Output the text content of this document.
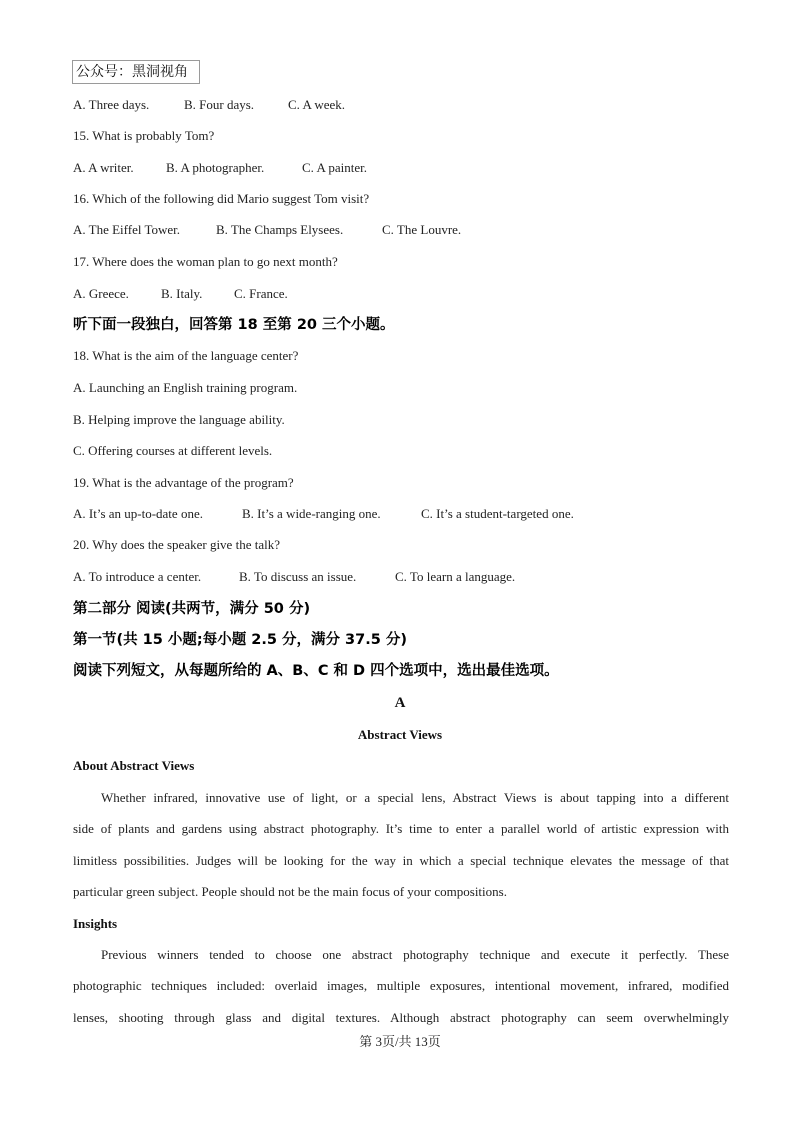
公众号：黑洞视角
A. Three days.	B. Four days.	C. A week.
15. What is probably Tom?
A. A writer. B. A photographer.	C. A painter.
16. Which of the following did Mario suggest Tom visit?
A. The Eiffel Tower.	B. The Champs Elysees.	C. The Louvre.
17. Where does the woman plan to go next month?
A. Greece. B. Italy. C. France.
听下面一段独白，回答第 18 至第 20 三个小题。
18. What is the aim of the language center?
A. Launching an English training program.
B. Helping improve the language ability.
C. Offering courses at different levels.
19. What is the advantage of the program?
A. It’s an up-to-date one.	B. It’s a wide-ranging one.	C. It’s a student-targeted one.
20. Why does the speaker give the talk?
A. To introduce a center.	B. To discuss an issue.	C. To learn a language.
第二部分 阅读(共两节，满分 50 分)
第一节(共 15 小题;每小题 2.5 分，满分 37.5 分)
阅读下列短文，从每题所给的 A、B、C 和 D 四个选项中，选出最佳选项。
A
Abstract Views
About Abstract Views
Whether infrared, innovative use of light, or a special lens, Abstract Views is about tapping into a different
side of plants and gardens using abstract photography. It’s time to enter a parallel world of artistic expression with
limitless possibilities. Judges will be looking for the way in which a special technique elevates the message of that
particular green subject. People should not be the main focus of your compositions.
Insights
Previous winners tended to choose one abstract photography technique and execute it perfectly. These
photographic techniques included: overlaid images, multiple exposures, intentional movement, infrared, modified
lenses, shooting through glass and digital textures. Although abstract photography can seem overwhelmingly
第 3页/共 13页
